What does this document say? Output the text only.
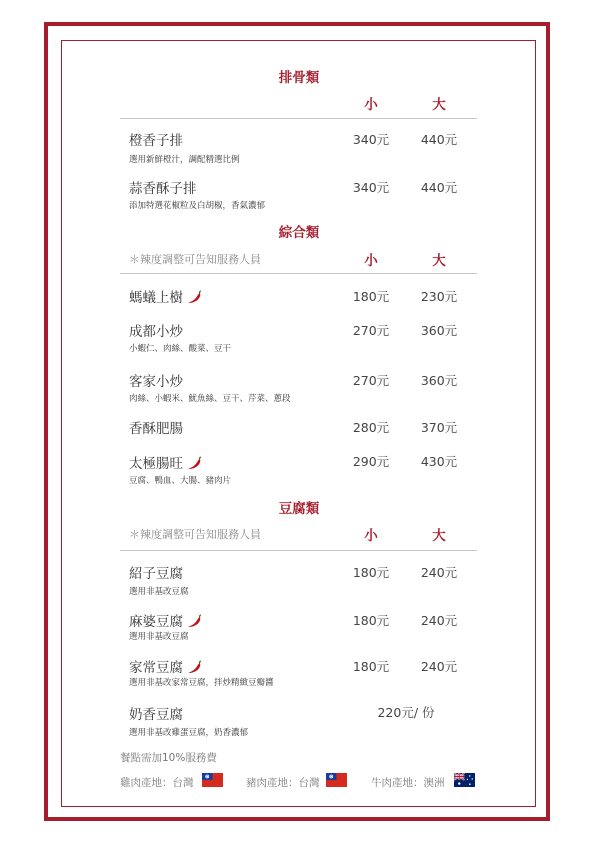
排骨類
小	大
橙香子排	340元	440元
選用新鮮橙汁，調配精選比例
蒜香酥子排	340元	440元
添加特選花椒粒及白胡椒，香氣濃郁
綜合類
＊辣度調整可告知服務人員	小	大
螞蟻上樹	180元	230元
成都小炒	270元	360元
小蝦仁、肉絲、酸菜、豆干
客家小炒	270元	360元
肉絲、小蝦米、魷魚絲、豆干、芹菜、蔥段
香酥肥腸	280元	370元
太極腸旺	290元	430元
豆腐、鴨血、大腸、豬肉片
豆腐類
＊辣度調整可告知服務人員	小	大
紹子豆腐	180元	240元
選用非基改豆腐
麻婆豆腐	180元	240元
選用非基改豆腐
家常豆腐	180元	240元
選用非基改家常豆腐，拌炒精緻豆瓣醬
奶香豆腐	220元/ 份
選用非基改雞蛋豆腐，奶香濃郁
餐點需加10%服務費
雞肉產地：台灣	豬肉產地：台灣	牛肉產地：澳洲
